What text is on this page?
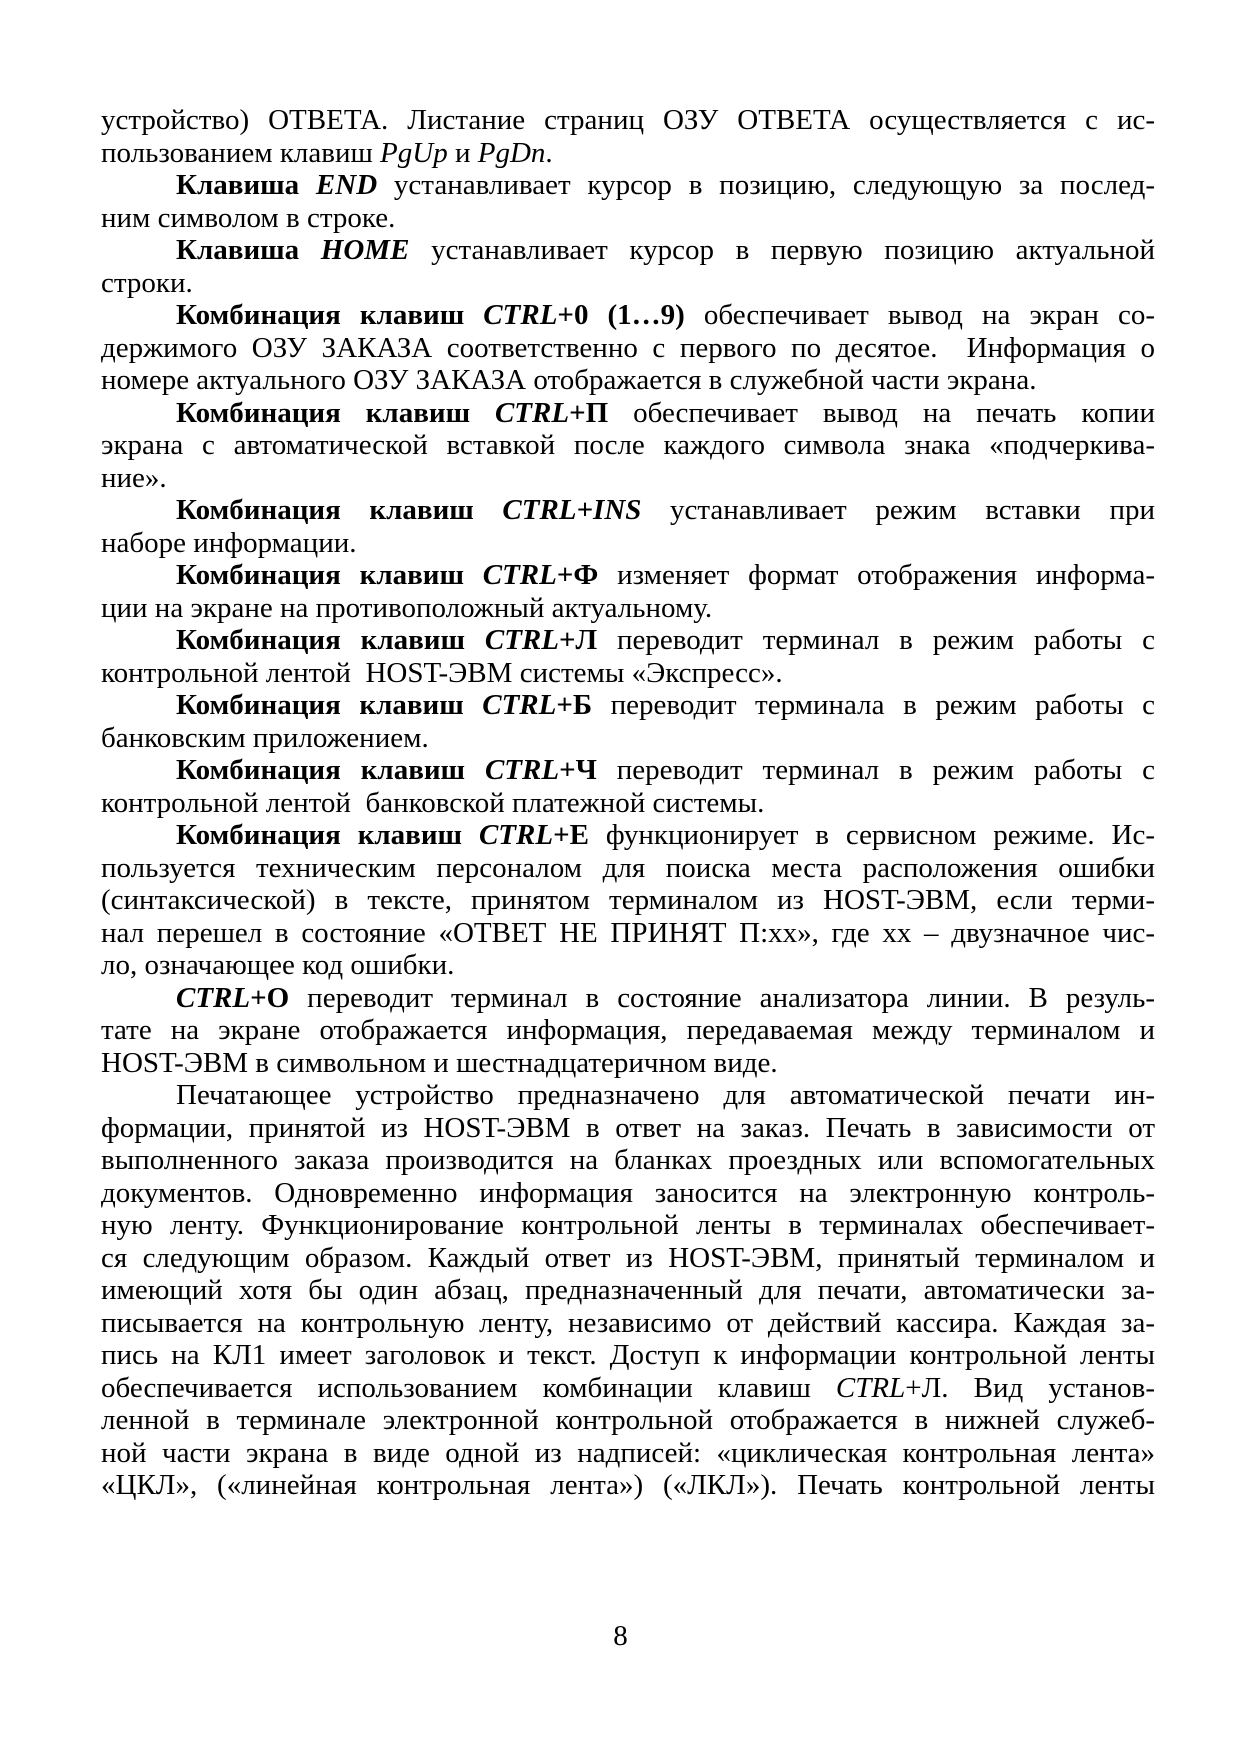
устройство) ОТВЕТА. Листание страниц ОЗУ ОТВЕТА осуществляется с ис-
пользованием клавиш PgUp и PgDn.
Клавиша END устанавливает курсор в позицию, следующую за послед-
ним символом в строке.
Клавиша HOME устанавливает курсор в первую позицию актуальной
строки.
Комбинация клавиш CTRL+0 (1…9) обеспечивает вывод на экран со-
держимого ОЗУ ЗАКАЗА соответственно с первого по десятое.  Информация о
номере актуального ОЗУ ЗАКАЗА отображается в служебной части экрана.
Комбинация клавиш CTRL+П обеспечивает вывод на печать копии
экрана с автоматической вставкой после каждого символа знака «подчеркива-
ние».
Комбинация клавиш CTRL+INS устанавливает режим вставки при
наборе информации.
Комбинация клавиш CTRL+Ф изменяет формат отображения информа-
ции на экране на противоположный актуальному.
Комбинация клавиш CTRL+Л переводит терминал в режим работы с
контрольной лентой  HOST-ЭВМ системы «Экспресс».
Комбинация клавиш CTRL+Б переводит терминала в режим работы с
банковским приложением.
Комбинация клавиш CTRL+Ч переводит терминал в режим работы с
контрольной лентой  банковской платежной системы.
Комбинация клавиш CTRL+Е функционирует в сервисном режиме. Ис-
пользуется техническим персоналом для поиска места расположения ошибки
(синтаксической) в тексте, принятом терминалом из HOST-ЭВМ, если терми-
нал перешел в состояние «ОТВЕТ НЕ ПРИНЯТ П:хх», где хх – двузначное чис-
ло, означающее код ошибки.
CTRL+О переводит терминал в состояние анализатора линии. В резуль-
тате на экране отображается информация, передаваемая между терминалом и
HOST-ЭВМ в символьном и шестнадцатеричном виде.
Печатающее устройство предназначено для автоматической печати ин-
формации, принятой из HOST-ЭВМ в ответ на заказ. Печать в зависимости от
выполненного заказа производится на бланках проездных или вспомогательных
документов. Одновременно информация заносится на электронную контроль-
ную ленту. Функционирование контрольной ленты в терминалах обеспечивает-
ся следующим образом. Каждый ответ из HOST-ЭВМ, принятый терминалом и
имеющий хотя бы один абзац, предназначенный для печати, автоматически за-
писывается на контрольную ленту, независимо от действий кассира. Каждая за-
пись на КЛ1 имеет заголовок и текст. Доступ к информации контрольной ленты
обеспечивается использованием комбинации клавиш CTRL+Л. Вид установ-
ленной в терминале электронной контрольной отображается в нижней служеб-
ной части экрана в виде одной из надписей: «циклическая контрольная лента»
«ЦКЛ», («линейная контрольная лента») («ЛКЛ»). Печать контрольной ленты
8
